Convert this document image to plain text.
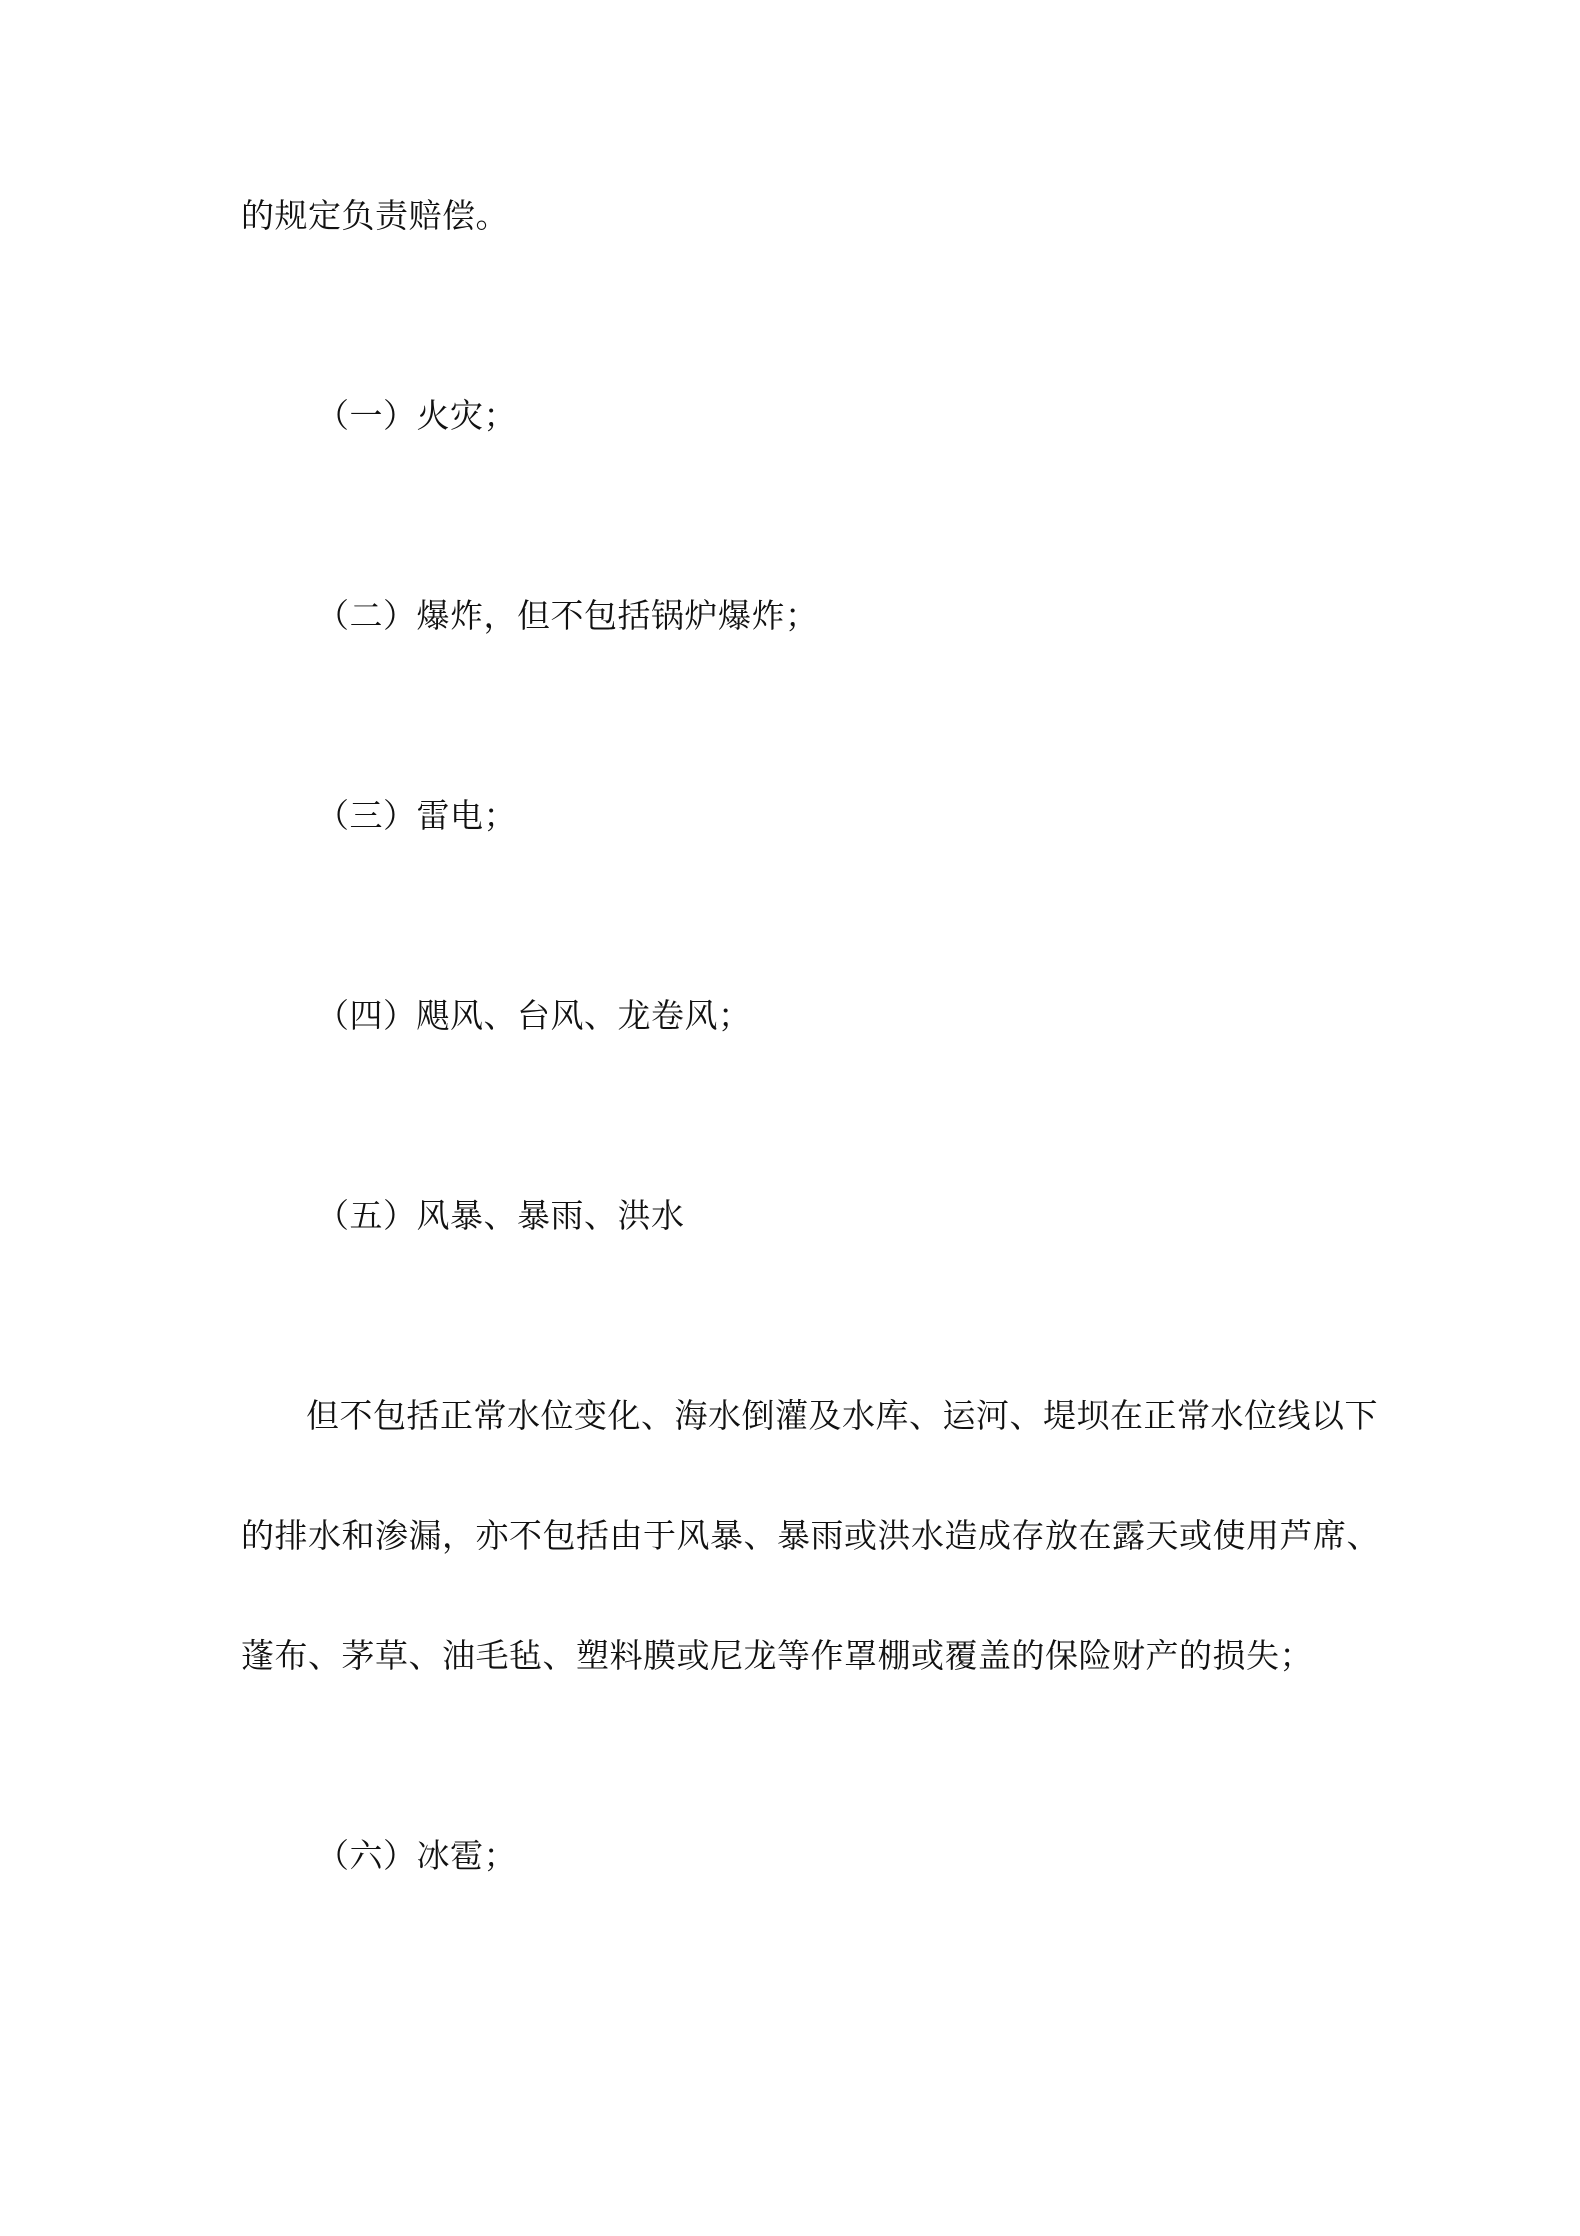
的规定负责赔偿。
（一）火灾；
（二）爆炸，但不包括锅炉爆炸；
（三）雷电；
（四）飓风、台风、龙卷风；
（五）风暴、暴雨、洪水
但不包括正常水位变化、海水倒灌及水库、运河、堤坝在正常水位线以下
的排水和渗漏，亦不包括由于风暴、暴雨或洪水造成存放在露天或使用芦席、
蓬布、茅草、油毛毡、塑料膜或尼龙等作罩棚或覆盖的保险财产的损失；
（六）冰雹；
